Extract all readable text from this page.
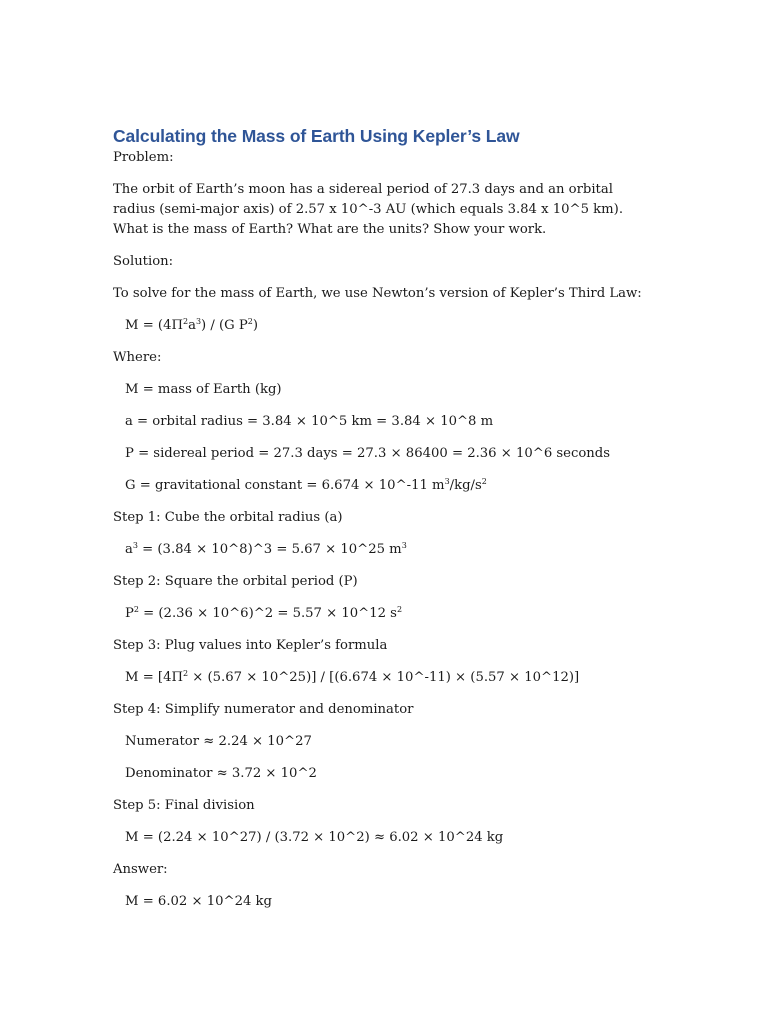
Calculating the Mass of Earth Using Kepler’s Law

Problem:

The orbit of Earth’s moon has a sidereal period of 27.3 days and an orbital radius (semi-major axis) of 2.57 x 10^-3 AU (which equals 3.84 x 10^5 km). What is the mass of Earth? What are the units? Show your work.

Solution:

To solve for the mass of Earth, we use Newton’s version of Kepler’s Third Law:

$M = (4\Pi^2a^3) / (G$ $P^2$)

Where:

M = mass of Earth (kg)

a = orbital radius = 3.84 × 10^5 km = 3.84 × 10^8 m

P = sidereal period = 27.3 days = 27.3 × 86400 = 2.36 × 10^6 seconds

G = gravitational constant = 6.674 × 10^-11 $m^3/kg/s^2$

Step 1: Cube the orbital radius (a)

$a^3 = (3.84$ × 10^8)^3 = 5.67 × 10^25 $m^3$

Step 2: Square the orbital period (P)

$P^2 = (2.36$ × 10^6)^2 = 5.57 × 10^12 $s^2$

Step 3: Plug values into Kepler’s formula

$M = [4\Pi^2 \times (5.67$ × 10^25)] / [(6.674 × 10^-11) × (5.57 × 10^12)]

Step 4: Simplify numerator and denominator

Numerator ≈ 2.24 × 10^27

Denominator ≈ 3.72 × 10^2

Step 5: Final division

M = (2.24 × 10^27) / (3.72 × 10^2) ≈ 6.02 × 10^24 kg

Answer:

M = 6.02 × 10^24 kg
